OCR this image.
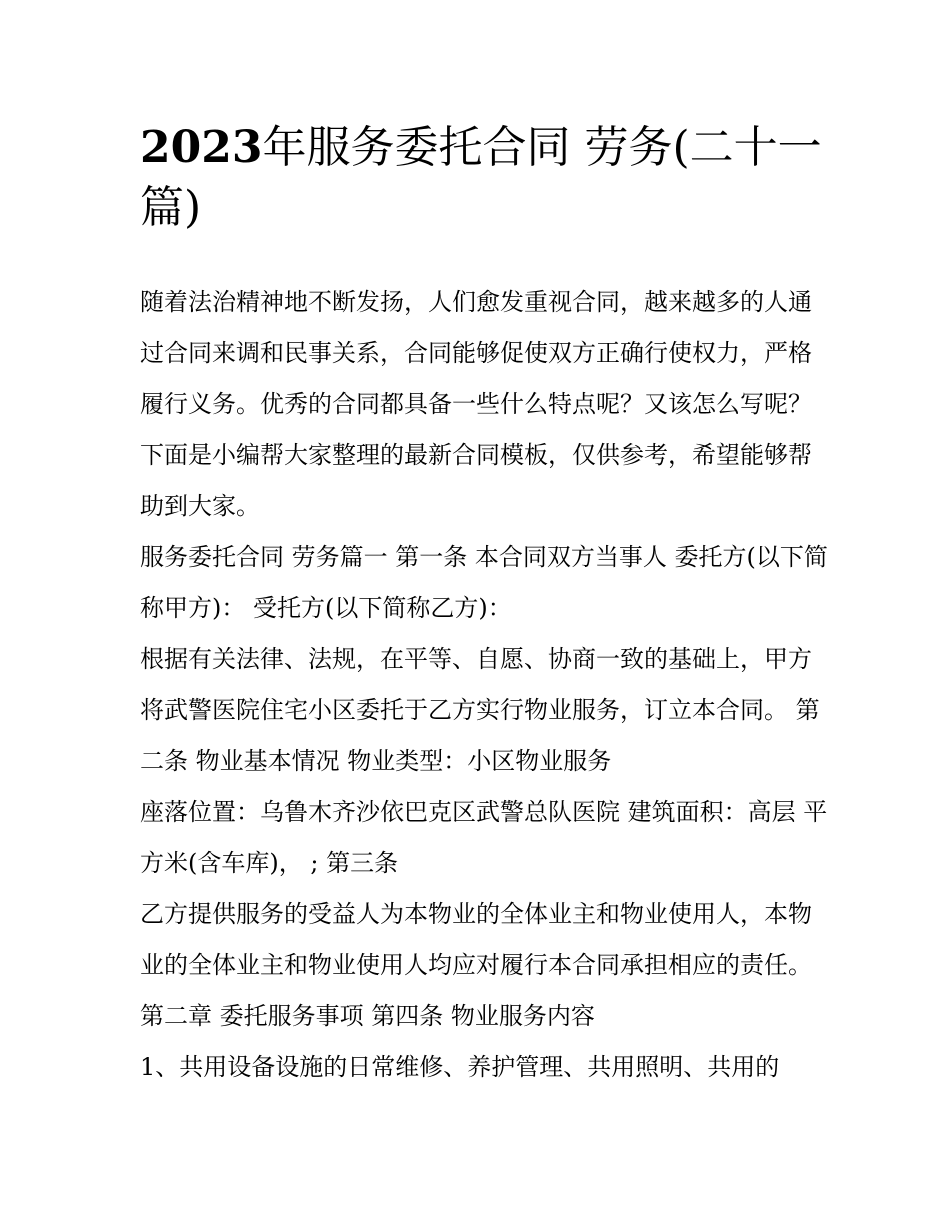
2023年服务委托合同 劳务(二十一篇)

随着法治精神地不断发扬，人们愈发重视合同，越来越多的人通过合同来调和民事关系，合同能够促使双方正确行使权力，严格履行义务。优秀的合同都具备一些什么特点呢？又该怎么写呢？下面是小编帮大家整理的最新合同模板，仅供参考，希望能够帮助到大家。

服务委托合同 劳务篇一 第一条 本合同双方当事人 委托方(以下简称甲方)： 受托方(以下简称乙方)：

根据有关法律、法规，在平等、自愿、协商一致的基础上，甲方将武警医院住宅小区委托于乙方实行物业服务，订立本合同。 第二条 物业基本情况 物业类型：小区物业服务

座落位置：乌鲁木齐沙依巴克区武警总队医院 建筑面积：高层 平方米(含车库)， ; 第三条

乙方提供服务的受益人为本物业的全体业主和物业使用人，本物业的全体业主和物业使用人均应对履行本合同承担相应的责任。 第二章 委托服务事项 第四条 物业服务内容

1、共用设备设施的日常维修、养护管理、共用照明、共用的
